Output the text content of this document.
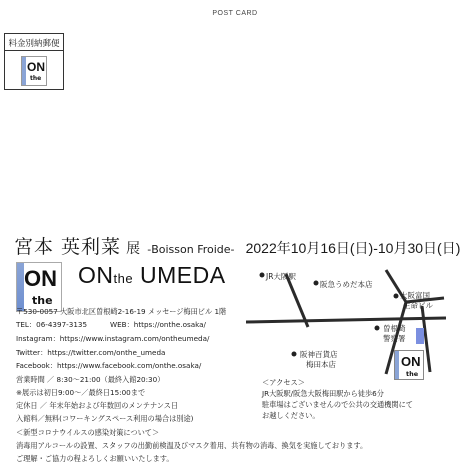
POST CARD
料金別納郵便
ON
the
宮本 英利菜 展 -Boisson Froide- 2022年10月16日(日)-10月30日(日)
ON
the
ONthe UMEDA
〒530-0057 大阪市北区曽根崎2-16-19 メッセージ梅田ビル 1階
TEL：06-4397-3135	WEB：https://onthe.osaka/
Instagram：https://www.instagram.com/ontheumeda/
Twitter：https://twitter.com/onthe_umeda
Facebook：https://www.facebook.com/onthe.osaka/
営業時間 ／ 8:30～21:00（最終入館20:30）
※展示は初日9:00～／最終日15:00まで
定休日 ／ 年末年始および年数回のメンテナンス日
入館料／無料(コワーキングスペース利用の場合は別途)
＜新型コロナウイルスの感染対策について＞
消毒用アルコールの設置、スタッフの出勤前検温及びマスク着用、共有物の消毒、換気を実施しております。
ご理解・ご協力の程よろしくお願いいたします。
JR大阪駅
阪急うめだ本店
大阪富国
生命ビル
曽根崎
警察署
阪神百貨店
梅田本店	ON
the
＜アクセス＞
JR大阪駅/阪急大阪梅田駅から徒歩6分
駐車場はございませんので公共の交通機関にて
お越しください。
